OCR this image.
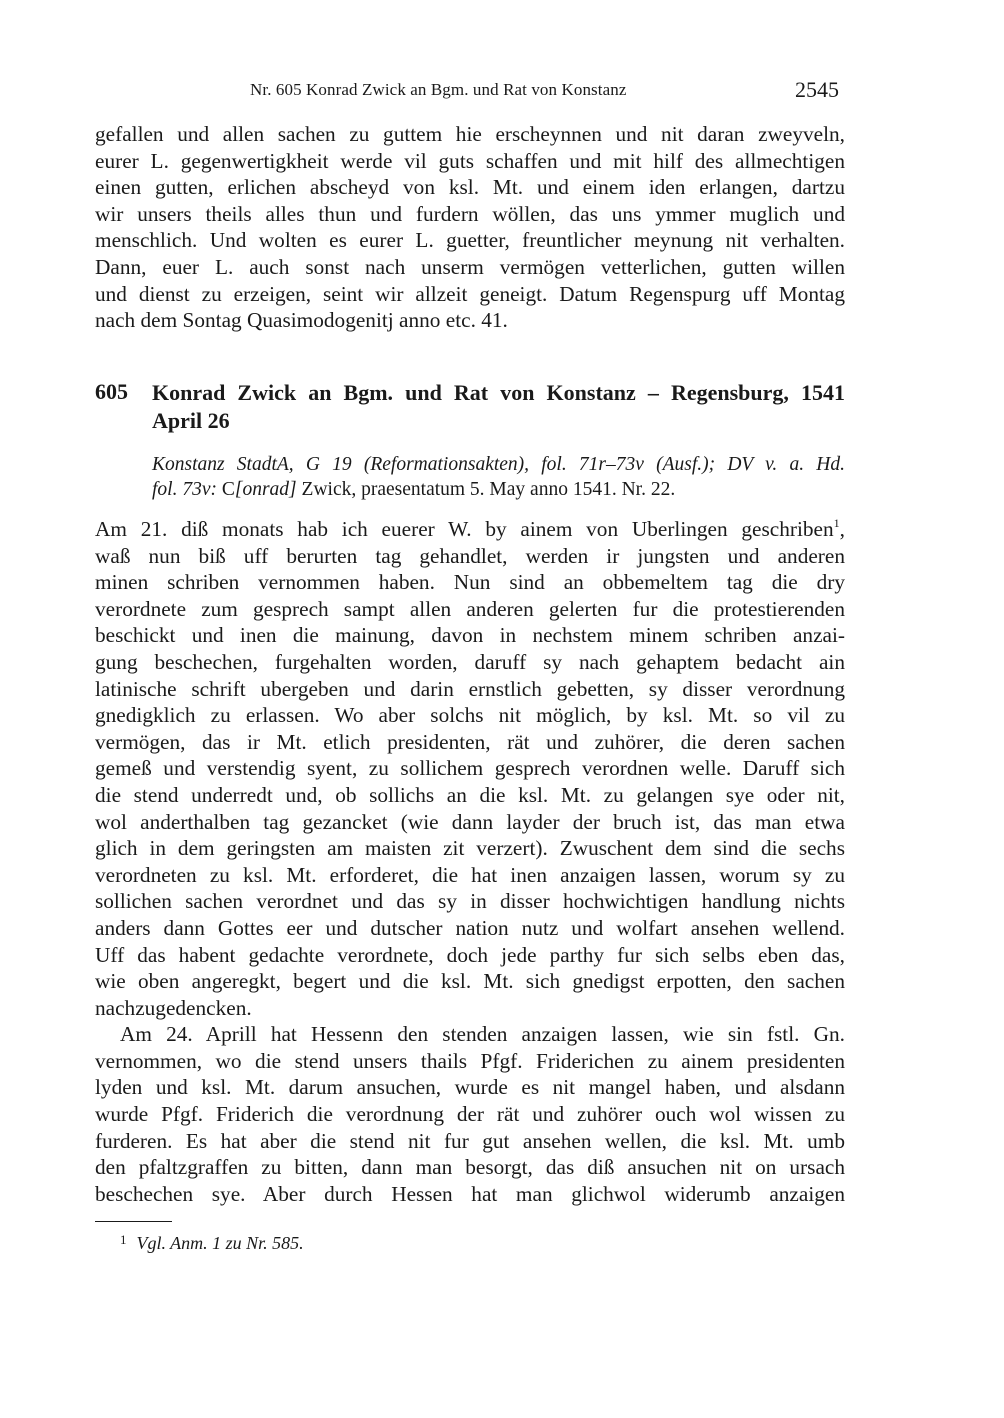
Nr. 605 Konrad Zwick an Bgm. und Rat von Konstanz	2545
gefallen und allen sachen zu guttem hie erscheynnen und nit daran zweyveln,
eurer L. gegenwertigkheit werde vil guts schaffen und mit hilf des allmechtigen
einen gutten, erlichen abscheyd von ksl. Mt. und einem iden erlangen, dartzu
wir unsers theils alles thun und furdern wöllen, das uns ymmer muglich und
menschlich. Und wolten es eurer L. guetter, freuntlicher meynung nit verhalten.
Dann, euer L. auch sonst nach unserm vermögen vetterlichen, gutten willen
und dienst zu erzeigen, seint wir allzeit geneigt. Datum Regenspurg uff Montag
nach dem Sontag Quasimodogenitj anno etc. 41.
605 Konrad Zwick an Bgm. und Rat von Konstanz – Regensburg, 1541
April 26
Konstanz StadtA, G 19 (Reformationsakten), fol. 71r–73v (Ausf.); DV v. a. Hd.
fol. 73v: C[onrad] Zwick, praesentatum 5. May anno 1541. Nr. 22.
Am 21. diß monats hab ich euerer W. by ainem von Uberlingen geschriben$^1$,
waß nun biß uff berurten tag gehandlet, werden ir jungsten und anderen
minen schriben vernommen haben. Nun sind an obbemeltem tag die dry
verordnete zum gesprech sampt allen anderen gelerten fur die protestierenden
beschickt und inen die mainung, davon in nechstem minem schriben anzai-
gung beschechen, furgehalten worden, daruff sy nach gehaptem bedacht ain
latinische schrift ubergeben und darin ernstlich gebetten, sy disser verordnung
gnedigklich zu erlassen. Wo aber solchs nit möglich, by ksl. Mt. so vil zu
vermögen, das ir Mt. etlich presidenten, rät und zuhörer, die deren sachen
gemeß und verstendig syent, zu sollichem gesprech verordnen welle. Daruff sich
die stend underredt und, ob sollichs an die ksl. Mt. zu gelangen sye oder nit,
wol anderthalben tag gezancket (wie dann layder der bruch ist, das man etwa
glich in dem geringsten am maisten zit verzert). Zwuschent dem sind die sechs
verordneten zu ksl. Mt. erforderet, die hat inen anzaigen lassen, worum sy zu
sollichen sachen verordnet und das sy in disser hochwichtigen handlung nichts
anders dann Gottes eer und dutscher nation nutz und wolfart ansehen wellend.
Uff das habent gedachte verordnete, doch jede parthy fur sich selbs eben das,
wie oben angeregkt, begert und die ksl. Mt. sich gnedigst erpotten, den sachen
nachzugedencken.
Am 24. Aprill hat Hessenn den stenden anzaigen lassen, wie sin fstl. Gn.
vernommen, wo die stend unsers thails Pfgf. Friderichen zu ainem presidenten
lyden und ksl. Mt. darum ansuchen, wurde es nit mangel haben, und alsdann
wurde Pfgf. Friderich die verordnung der rät und zuhörer ouch wol wissen zu
furderen. Es hat aber die stend nit fur gut ansehen wellen, die ksl. Mt. umb
den pfaltzgraffen zu bitten, dann man besorgt, das diß ansuchen nit on ursach
beschechen sye. Aber durch Hessen hat man glichwol widerumb anzaigen
$^1$ Vgl. Anm. 1 zu Nr. 585.
